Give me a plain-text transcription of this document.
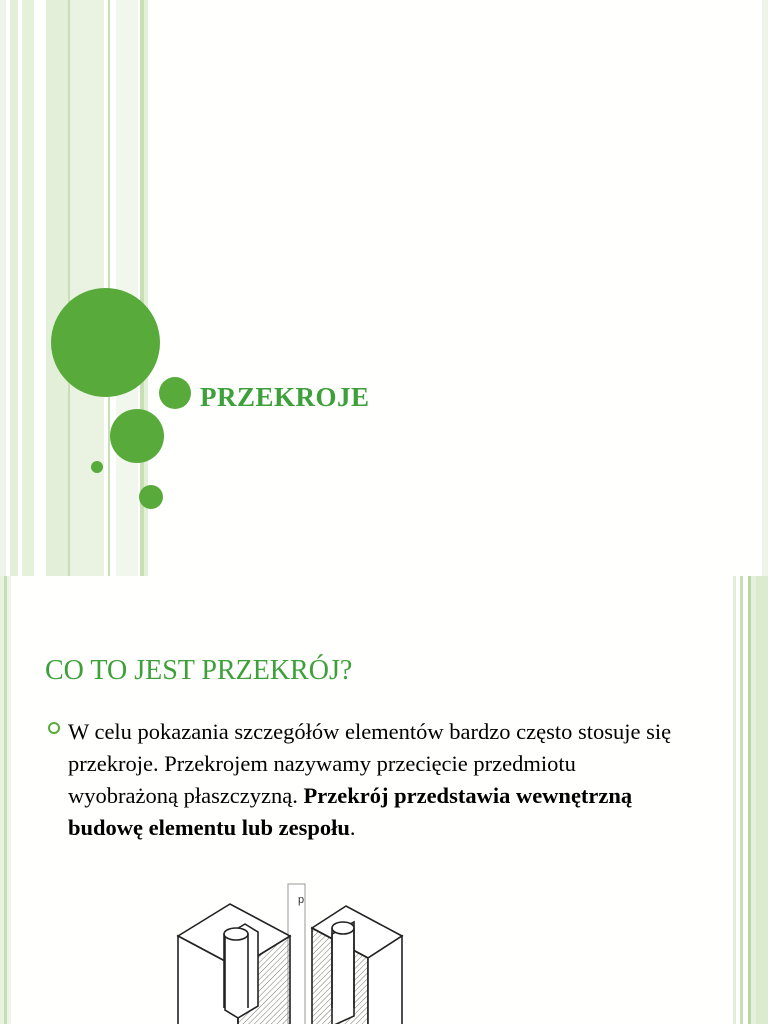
PRZEKROJE
CO TO JEST PRZEKRÓJ?
W celu pokazania szczegółów elementów bardzo często stosuje się przekroje. Przekrojem nazywamy przecięcie przedmiotu wyobrażoną płaszczyzną. Przekrój przedstawia wewnętrzną budowę elementu lub zespołu.
p
